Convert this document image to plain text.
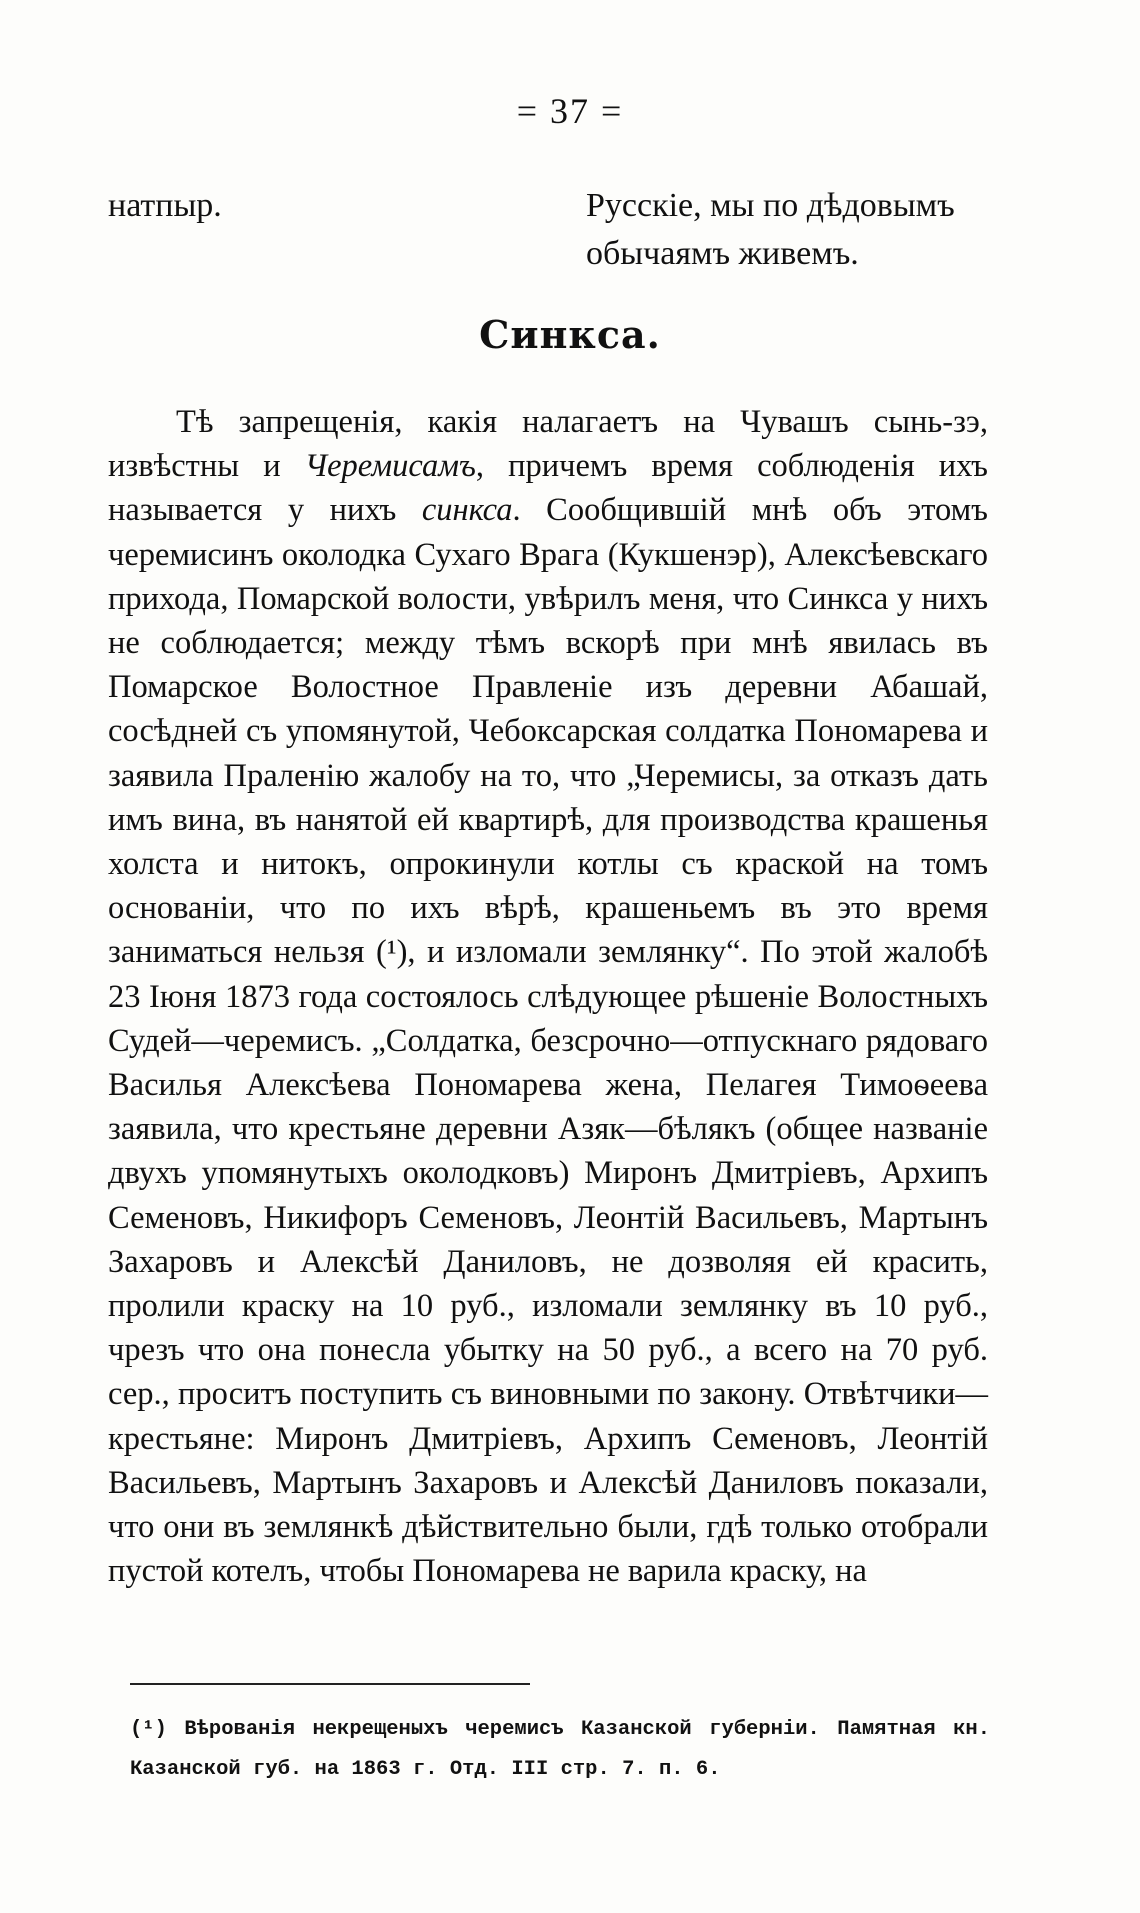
= 37 =
натпыр.	Русскіе, мы по дѣдовымъ обычаямъ живемъ.
Синкса.

Тѣ запрещенія, какія налагаетъ на Чувашъ сынь-зэ, извѣстны и Черемисамъ, причемъ время соблюденія ихъ называется у нихъ синкса. Сообщившій мнѣ объ этомъ черемисинъ околодка Сухаго Врага (Кукшенэр), Алексѣевскаго прихода, Помарской волости, увѣрилъ меня, что Синкса у нихъ не соблюдается; между тѣмъ вскорѣ при мнѣ явилась въ Помарское Волостное Правленіе изъ деревни Абашай, сосѣдней съ упомянутой, Чебоксарская солдатка Пономарева и заявила Праленію жалобу на то, что „Черемисы, за отказъ дать имъ вина, въ нанятой ей квартирѣ, для производства крашенья холста и нитокъ, опрокинули котлы съ краской на томъ основаніи, что по ихъ вѣрѣ, крашеньемъ въ это время заниматься нельзя (¹), и изломали землянку“. По этой жалобѣ 23 Іюня 1873 года состоялось слѣдующее рѣшеніе Волостныхъ Судей—черемисъ. „Солдатка, безсрочно—отпускнаго рядоваго Василья Алексѣева Пономарева жена, Пелагея Тимоѳеева заявила, что крестьяне деревни Азяк—бѣлякъ (общее названіе двухъ упомянутыхъ околодковъ) Миронъ Дмитріевъ, Архипъ Семеновъ, Никифоръ Семеновъ, Леонтій Васильевъ, Мартынъ Захаровъ и Алексѣй Даниловъ, не дозволяя ей красить, пролили краску на 10 руб., изломали землянку въ 10 руб., чрезъ что она понесла убытку на 50 руб., а всего на 70 руб. сер., проситъ поступить съ виновными по закону. Отвѣтчики—крестьяне: Миронъ Дмитріевъ, Архипъ Семеновъ, Леонтій Васильевъ, Мартынъ Захаровъ и Алексѣй Даниловъ показали, что они въ землянкѣ дѣйствительно были, гдѣ только отобрали пустой котелъ, чтобы Пономарева не варила краску, на

(¹) Вѣрованія некрещеныхъ черемисъ Казанской губерніи. Памятная кн. Казанской губ. на 1863 г. Отд. III стр. 7. п. 6.
